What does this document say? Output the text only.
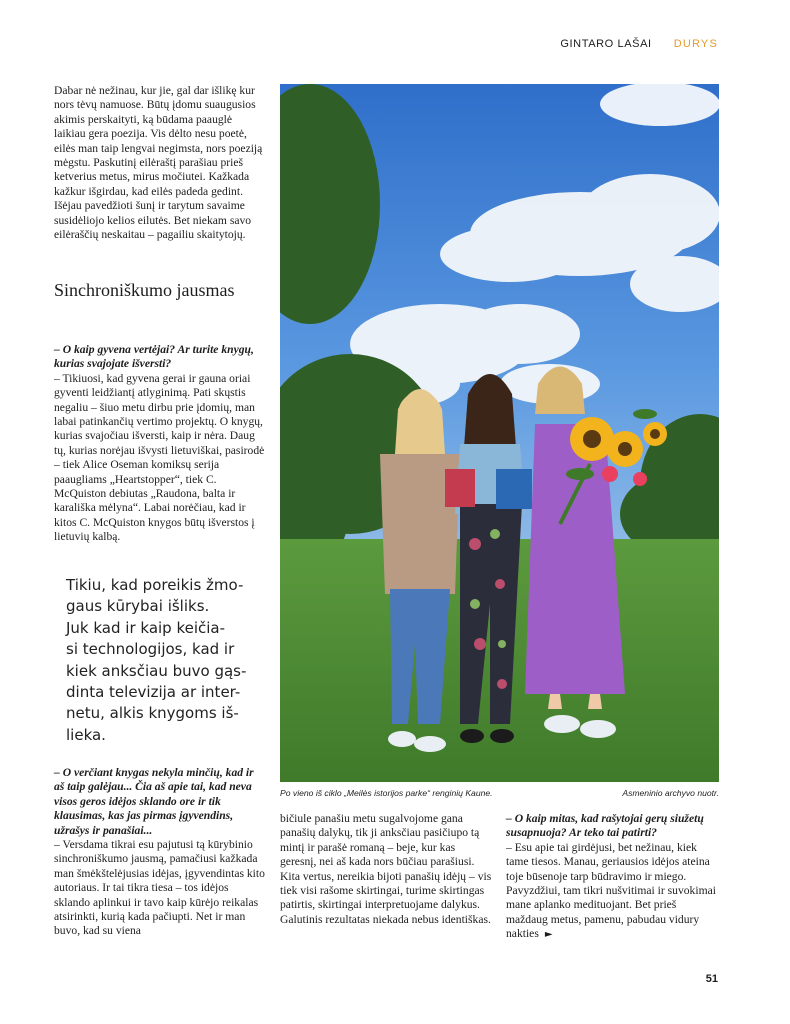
GINTARO LAŠAI DURYS

Dabar nė nežinau, kur jie, gal dar išlikę kur nors tėvų namuose. Būtų įdomu suaugusios akimis perskaityti, ką būdama paauglė laikiau gera poezija. Vis dėlto nesu poetė, eilės man taip lengvai negimsta, nors poeziją mėgstu. Paskutinį eilėraštį parašiau prieš ketverius metus, mirus močiutei. Kažkada kažkur išgirdau, kad eilės padeda gedint. Išėjau pavedžioti šunį ir tarytum savaime susidėliojo kelios eilutės. Bet niekam savo eilėraščių neskaitau – pagailiu skaitytojų.

Sinchroniškumo jausmas

– O kaip gyvena vertėjai? Ar turite knygų, kurias svajojate išversti?

– Tikiuosi, kad gyvena gerai ir gauna oriai gyventi leidžiantį atlyginimą. Pati skųstis negaliu – šiuo metu dirbu prie įdomių, man labai patinkančių vertimo projektų. O knygų, kurias svajočiau išversti, kaip ir nėra. Daug tų, kurias norėjau išvysti lietuviškai, pasirodė – tiek Alice Oseman komiksų serija paaugliams „Heartstopper“, tiek C. McQuiston debiutas „Raudona, balta ir karališka mėlyna“. Labai norėčiau, kad ir kitos C. McQuiston knygos būtų išverstos į lietuvių kalbą.

Tikiu, kad poreikis žmo-
gaus kūrybai išliks.
Juk kad ir kaip keičia-
si technologijos, kad ir
kiek anksčiau buvo gąs-
dinta televizija ar inter-
netu, alkis knygoms iš-
lieka.

– O verčiant knygas nekyla minčių, kad ir aš taip galėjau... Čia aš apie tai, kad neva visos geros idėjos sklando ore ir tik klausimas, kas jas pirmas įgyvendins, užrašys ir panašiai...

– Versdama tikrai esu pajutusi tą kūrybinio sinchroniškumo jausmą, pamačiusi kažkada man šmėkštelėjusias idėjas, įgyvendintas kito autoriaus. Ir tai tikra tiesa – tos idėjos sklando aplinkui ir tavo kaip kūrėjo reikalas atsirinkti, kurią kada pačiupti. Net ir man buvo, kad su viena

bičiule panašiu metu sugalvojome gana panašių dalykų, tik ji anksčiau pasičiupo tą mintį ir parašė romaną – beje, kur kas geresnį, nei aš kada nors būčiau parašiusi. Kita vertus, nereikia bijoti panašių idėjų – vis tiek visi rašome skirtingai, turime skirtingas patirtis, skirtingai interpretuojame dalykus. Galutinis rezultatas niekada nebus identiškas.

– O kaip mitas, kad rašytojai gerų siužetų susapnuoja? Ar teko tai patirti?

– Esu apie tai girdėjusi, bet nežinau, kiek tame tiesos. Manau, geriausios idėjos ateina toje būsenoje tarp būdravimo ir miego. Pavyzdžiui, tam tikri nušvitimai ir suvokimai mane aplanko medituojant. Bet prieš maždaug metus, pamenu, pabudau vidury nakties ►

Po vieno iš ciklo „Meilės istorijos parke“ renginių Kaune.	Asmeninio archyvo nuotr.
51
